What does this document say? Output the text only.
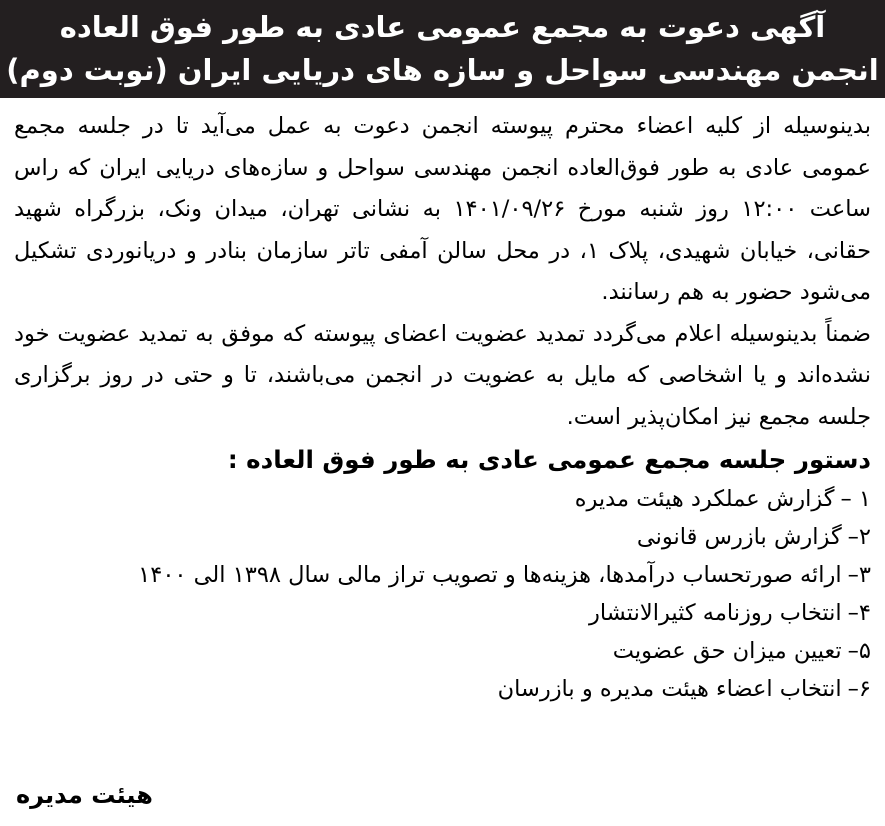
آگهی دعوت به مجمع عمومی عادی به طور فوق العاده
انجمن مهندسی سواحل و سازه های دریایی ایران (نوبت دوم)

بدینوسیله از کلیه اعضاء محترم پیوسته انجمن دعوت به عمل می‌آید تا در جلسه مجمع عمومی عادی به طور فوق‌العاده انجمن مهندسی سواحل و سازه‌های دریایی ایران که راس ساعت ۱۲:۰۰ روز شنبه مورخ ۱۴۰۱/۰۹/۲۶ به نشانی تهران، میدان ونک، بزرگراه شهید حقانی، خیابان شهیدی، پلاک ۱، در محل سالن آمفی تاتر سازمان بنادر و دریانوردی تشکیل می‌شود حضور به هم رسانند.

ضمناً بدینوسیله اعلام می‌گردد تمدید عضویت اعضای پیوسته که موفق به تمدید عضویت خود نشده‌اند و یا اشخاصی که مایل به عضویت در انجمن می‌باشند، تا و حتی در روز برگزاری جلسه مجمع نیز امکان‌پذیر است.

دستور جلسه مجمع عمومی عادی به طور فوق العاده :
۱ –
گزارش عملکرد هیئت مدیره
۲–
گزارش بازرس قانونی
۳–
ارائه صورتحساب درآمدها، هزینه‌ها و تصویب تراز مالی سال ۱۳۹۸ الی ۱۴۰۰
۴–
انتخاب روزنامه کثیرالانتشار
۵–
تعیین میزان حق عضویت
۶–
انتخاب اعضاء هیئت مدیره و بازرسان
هیئت مدیره
